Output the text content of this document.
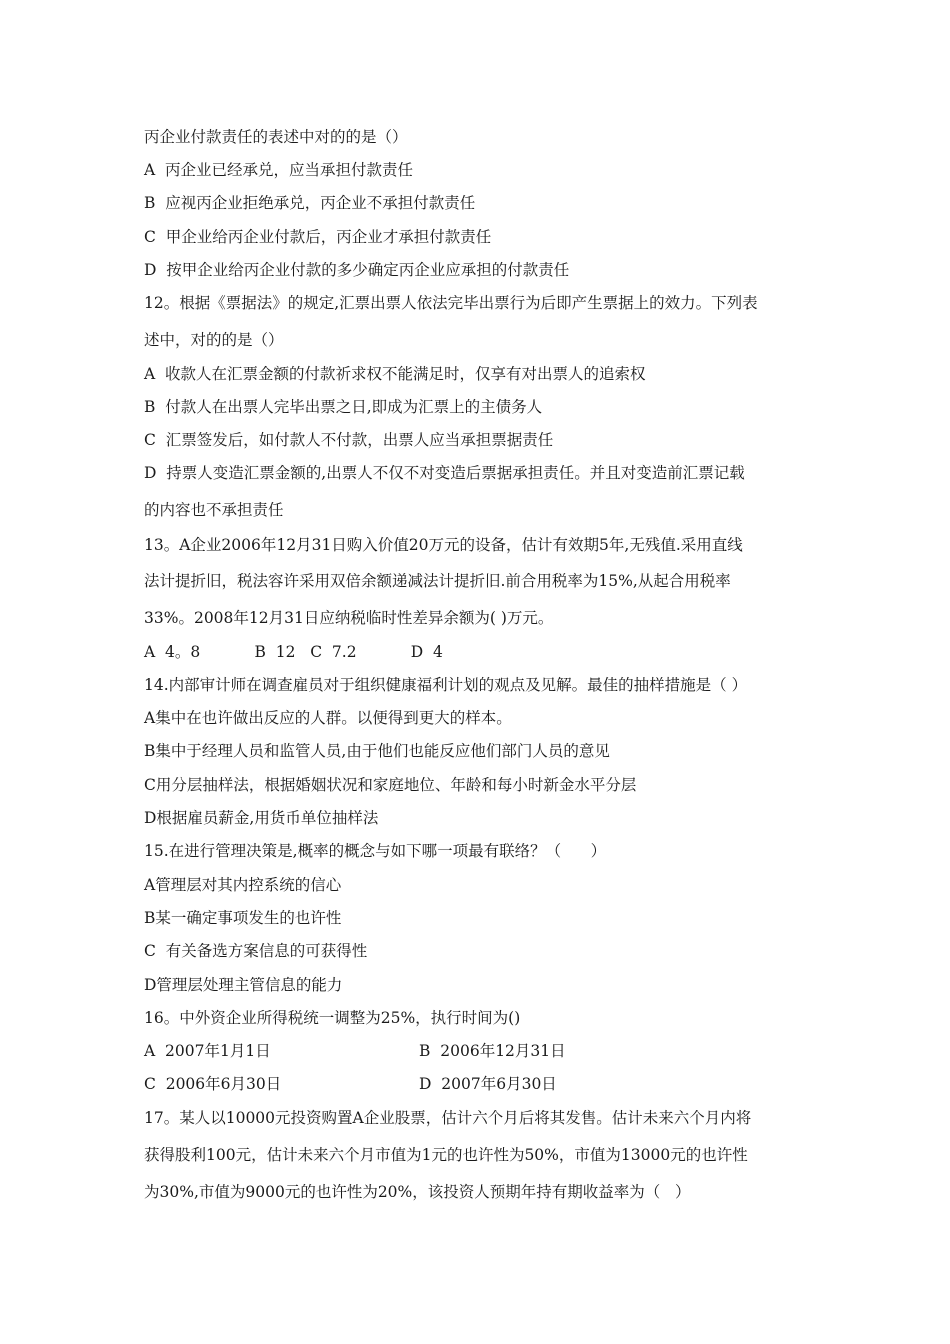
丙企业付款责任的表述中对的的是（）
A  丙企业已经承兑，应当承担付款责任
B  应视丙企业拒绝承兑，丙企业不承担付款责任
C  甲企业给丙企业付款后，丙企业才承担付款责任
D  按甲企业给丙企业付款的多少确定丙企业应承担的付款责任
12。根据《票据法》的规定,汇票出票人依法完毕出票行为后即产生票据上的效力。下列表
述中，对的的是（）
A  收款人在汇票金额的付款祈求权不能满足时，仅享有对出票人的追索权
B  付款人在出票人完毕出票之日,即成为汇票上的主债务人
C  汇票签发后，如付款人不付款，出票人应当承担票据责任
D  持票人变造汇票金额的,出票人不仅不对变造后票据承担责任。并且对变造前汇票记载
的内容也不承担责任
13。A企业2006年12月31日购入价值20万元的设备，估计有效期5年,无残值.采用直线
法计提折旧，税法容许采用双倍余额递减法计提折旧.前合用税率为15%,从起合用税率
33%。2008年12月31日应纳税临时性差异余额为( )万元。
A  4。8           B  12   C  7.2           D  4
14.内部审计师在调查雇员对于组织健康福利计划的观点及见解。最佳的抽样措施是（ ）
A集中在也许做出反应的人群。以便得到更大的样本。
B集中于经理人员和监管人员,由于他们也能反应他们部门人员的意见
C用分层抽样法，根据婚姻状况和家庭地位、年龄和每小时新金水平分层
D根据雇员薪金,用货币单位抽样法
15.在进行管理决策是,概率的概念与如下哪一项最有联络？（      ）
A管理层对其内控系统的信心
B某一确定事项发生的也许性
C  有关备选方案信息的可获得性
D管理层处理主管信息的能力
16。中外资企业所得税统一调整为25%，执行时间为()
A  2007年1月1日	B  2006年12月31日
C  2006年6月30日	D  2007年6月30日
17。某人以10000元投资购置A企业股票，估计六个月后将其发售。估计未来六个月内将
获得股利100元，估计未来六个月市值为1元的也许性为50%，市值为13000元的也许性
为30%,市值为9000元的也许性为20%，该投资人预期年持有期收益率为（   ）
